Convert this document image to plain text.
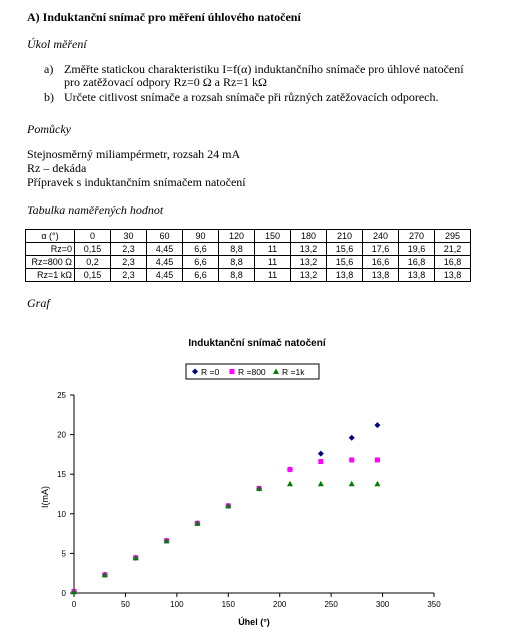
A) Induktanční snímač pro měření úhlového natočení
Úkol měření
a) Změřte statickou charakteristiku I=f(α) induktančního snímače pro úhlové natočení
pro zatěžovací odpory Rᴢ=0 Ω a Rᴢ=1 kΩ
b) Určete citlivost snímače a rozsah snímače při různých zatěžovacích odporech.
Pomůcky
Stejnosměrný miliampérmetr, rozsah 24 mA
Rz – dekáda
Přípravek s induktančním snímačem natočení
Tabulka naměřených hodnot
α (°)	0	30	60	90	120	150	180	210	240	270	295
Rz=0	0,15	2,3	4,45	6,6	8,8	11	13,2	15,6	17,6	19,6	21,2
Rz=800 Ω	0,2	2,3	4,45	6,6	8,8	11	13,2	15,6	16,6	16,8	16,8
Rz=1 kΩ	0,15	2,3	4,45	6,6	8,8	11	13,2	13,8	13,8	13,8	13,8
Graf
Induktanční snímač natočení
R =0 R =800 R =1k
0	50	100	150	200	250	300	350
0
5
10
15
20
25
I(mA)
Úhel (°)
